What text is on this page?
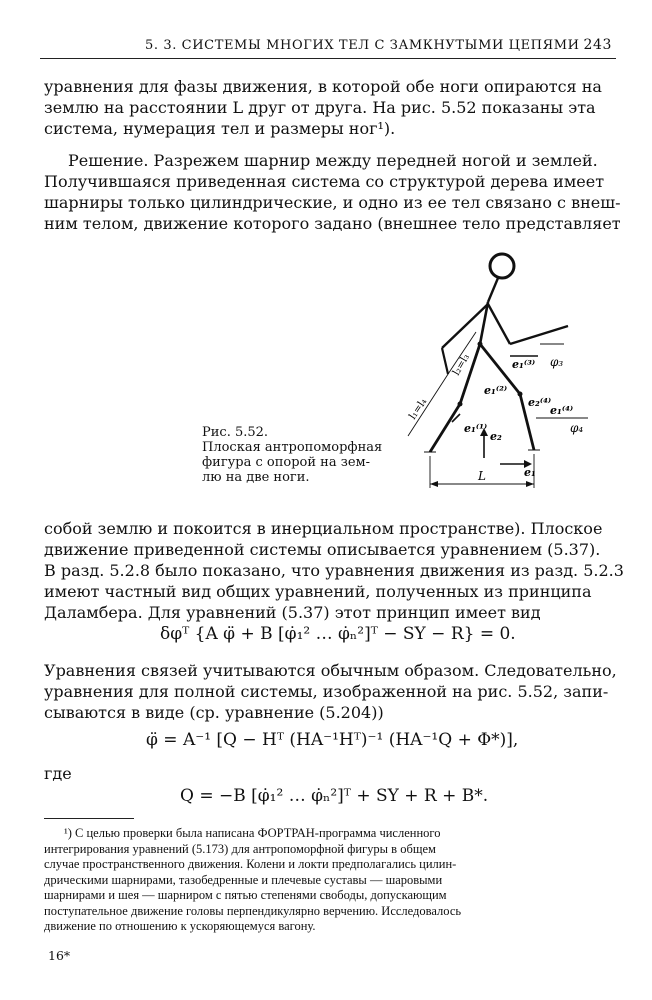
5. 3. СИСТЕМЫ МНОГИХ ТЕЛ С ЗАМКНУТЫМИ ЦЕПЯМИ 243
уравнения для фазы движения, в которой обе ноги опираются на
землю на расстоянии L друг от друга. На рис. 5.52 показаны эта
система, нумерация тел и размеры ног¹).
Решение. Разрежем шарнир между передней ногой и землей.
Получившаяся приведенная система со структурой дерева имеет
шарниры только цилиндрические, и одно из ее тел связано с внеш-
ним телом, движение которого задано (внешнее тело представляет
Рис. 5.52.
Плоская антропоморфная
фигура с опорой на зем-
лю на две ноги.
l₁=l₄
l₂=l₃
L
e₁⁽¹⁾
e₁⁽²⁾
e₁⁽³⁾
e₂⁽⁴⁾
e₁⁽⁴⁾
e₂
e₁
φ₃
φ₄
собой землю и покоится в инерциальном пространстве). Плоское
движение приведенной системы описывается уравнением (5.37).
В разд. 5.2.8 было показано, что уравнения движения из разд. 5.2.3
имеют частный вид общих уравнений, полученных из принципа
Даламбера. Для уравнений (5.37) этот принцип имеет вид
δφᵀ {A φ̈ + B [φ̇₁² … φ̇ₙ²]ᵀ − SY − R} = 0.
Уравнения связей учитываются обычным образом. Следовательно,
уравнения для полной системы, изображенной на рис. 5.52, запи-
сываются в виде (ср. уравнение (5.204))
φ̈ = A⁻¹ [Q − Hᵀ (HA⁻¹Hᵀ)⁻¹ (HA⁻¹Q + Φ*)],
где
Q = −B [φ̇₁² … φ̇ₙ²]ᵀ + SY + R + B*.
¹) С целью проверки была написана ФОРТРАН-программа численного
интегрирования уравнений (5.173) для антропоморфной фигуры в общем
случае пространственного движения. Колени и локти предполагались цилин-
дрическими шарнирами, тазобедренные и плечевые суставы — шаровыми
шарнирами и шея — шарниром с пятью степенями свободы, допускающим
поступательное движение головы перпендикулярно верчению. Исследовалось
движение по отношению к ускоряющемуся вагону.
16*
